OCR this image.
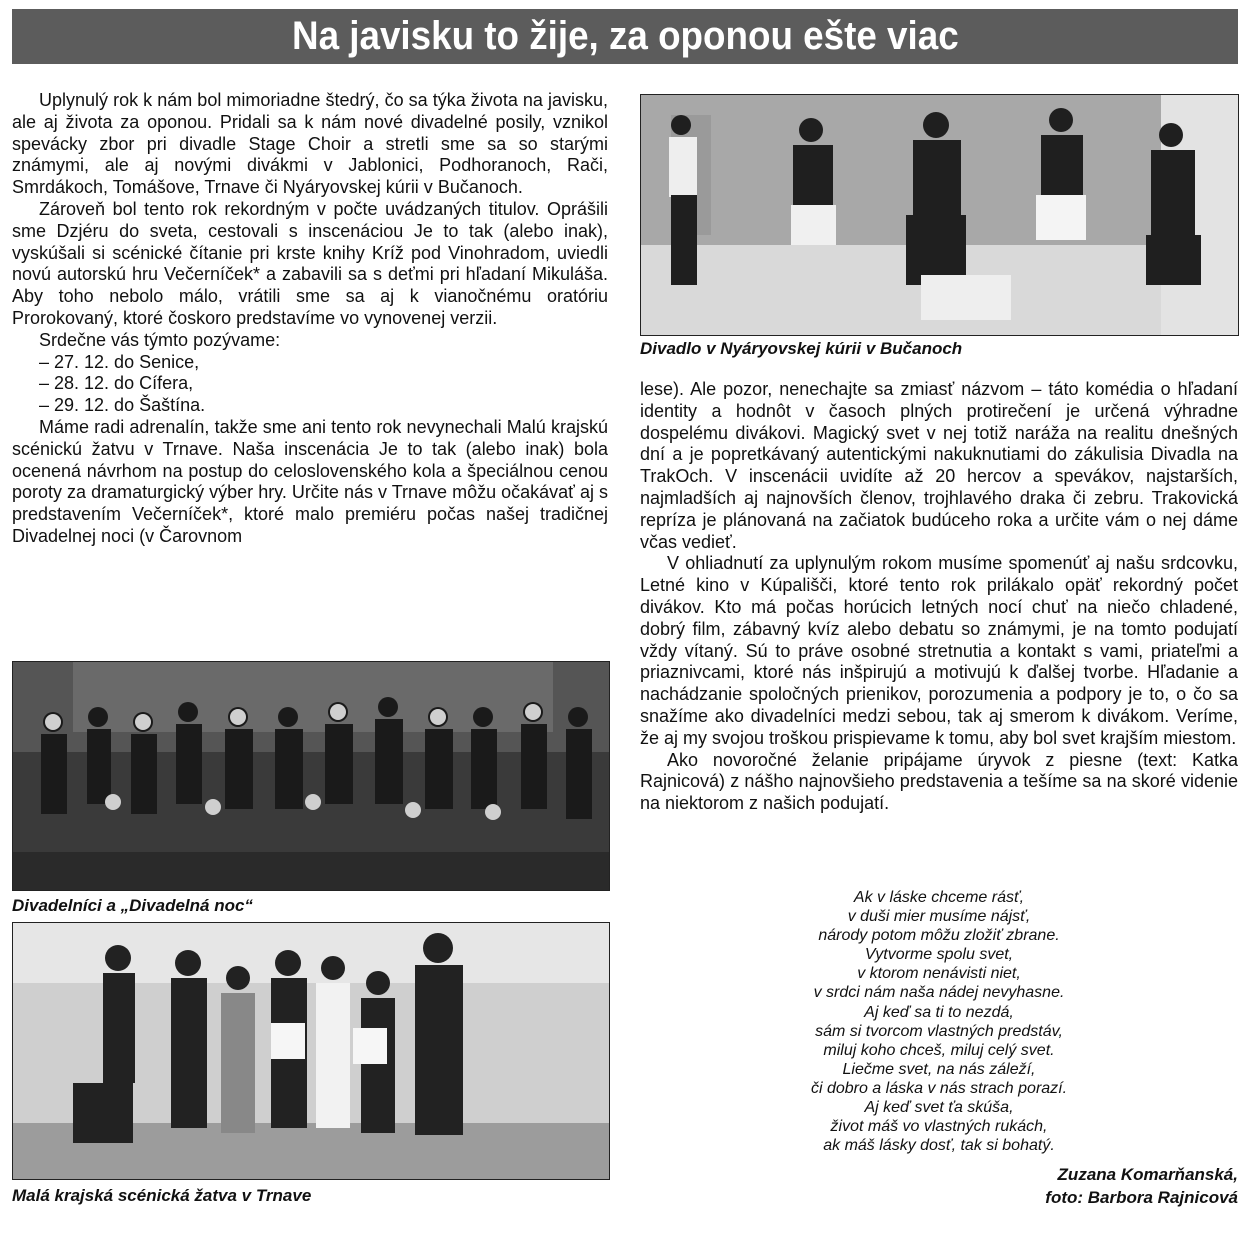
Na javisku to žije, za oponou ešte viac

Uplynulý rok k nám bol mimoriadne štedrý, čo sa týka života na javisku, ale aj života za oponou. Pridali sa k nám nové divadelné posily, vznikol spevácky zbor pri divadle Stage Choir a stretli sme sa so starými známymi, ale aj novými divákmi v Jablonici, Podhoranoch, Rači, Smrdákoch, Tomášove, Trnave či Nyáryovskej kúrii v Bučanoch.

Zároveň bol tento rok rekordným v počte uvádzaných titulov. Oprášili sme Dzjéru do sveta, cestovali s inscenáciou Je to tak (alebo inak), vyskúšali si scénické čítanie pri krste knihy Kríž pod Vinohradom, uviedli novú autorskú hru Večerníček* a zabavili sa s deťmi pri hľadaní Mikuláša. Aby toho nebolo málo, vrátili sme sa aj k vianočnému oratóriu Prorokovaný, ktoré čoskoro predstavíme vo vynovenej verzii.

Srdečne vás týmto pozývame:

– 27. 12. do Senice,

– 28. 12. do Cífera,

– 29. 12. do Šaštína.

Máme radi adrenalín, takže sme ani tento rok nevynechali Malú krajskú scénickú žatvu v Trnave. Naša inscenácia Je to tak (alebo inak) bola ocenená návrhom na postup do celoslovenského kola a špeciálnou cenou poroty za dramaturgický výber hry. Určite nás v Trnave môžu očakávať aj s predstavením Večerníček*, ktoré malo premiéru počas našej tradičnej Divadelnej noci (v Čarovnom

Divadlo v Nyáryovskej kúrii v Bučanoch

lese). Ale pozor, nenechajte sa zmiasť názvom – táto komédia o hľadaní identity a hodnôt v časoch plných protirečení je určená výhradne dospelému divákovi. Magický svet v nej totiž naráža na realitu dnešných dní a je popretkávaný autentickými nakuknutiami do zákulisia Divadla na TrakOch. V inscenácii uvidíte až 20 hercov a spevákov, najstarších, najmladších aj najnovších členov, trojhlavého draka či zebru. Trakovická repríza je plánovaná na začiatok budúceho roka a určite vám o nej dáme včas vedieť.

V ohliadnutí za uplynulým rokom musíme spomenúť aj našu srdcovku, Letné kino v Kúpališči, ktoré tento rok prilákalo opäť rekordný počet divákov. Kto má počas horúcich letných nocí chuť na niečo chladené, dobrý film, zábavný kvíz alebo debatu so známymi, je na tomto podujatí vždy vítaný. Sú to práve osobné stretnutia a kontakt s vami, priateľmi a priaznivcami, ktoré nás inšpirujú a motivujú k ďalšej tvorbe. Hľadanie a nachádzanie spoločných prienikov, porozumenia a podpory je to, o čo sa snažíme ako divadelníci medzi sebou, tak aj smerom k divákom. Veríme, že aj my svojou troškou prispievame k tomu, aby bol svet krajším miestom.

Ako novoročné želanie pripájame úryvok z piesne (text: Katka Rajnicová) z nášho najnovšieho predstavenia a tešíme sa na skoré videnie na niektorom z našich podujatí.

Divadelníci a „Divadelná noc“
Malá krajská scénická žatva v Trnave
Ak v láske chceme rásť,
v duši mier musíme nájsť,
národy potom môžu zložiť zbrane.
Vytvorme spolu svet,
v ktorom nenávisti niet,
v srdci nám naša nádej nevyhasne.
Aj keď sa ti to nezdá,
sám si tvorcom vlastných predstáv,
miluj koho chceš, miluj celý svet.
Liečme svet, na nás záleží,
či dobro a láska v nás strach porazí.
Aj keď svet ťa skúša,
život máš vo vlastných rukách,
ak máš lásky dosť, tak si bohatý.
Zuzana Komarňanská,
foto: Barbora Rajnicová
